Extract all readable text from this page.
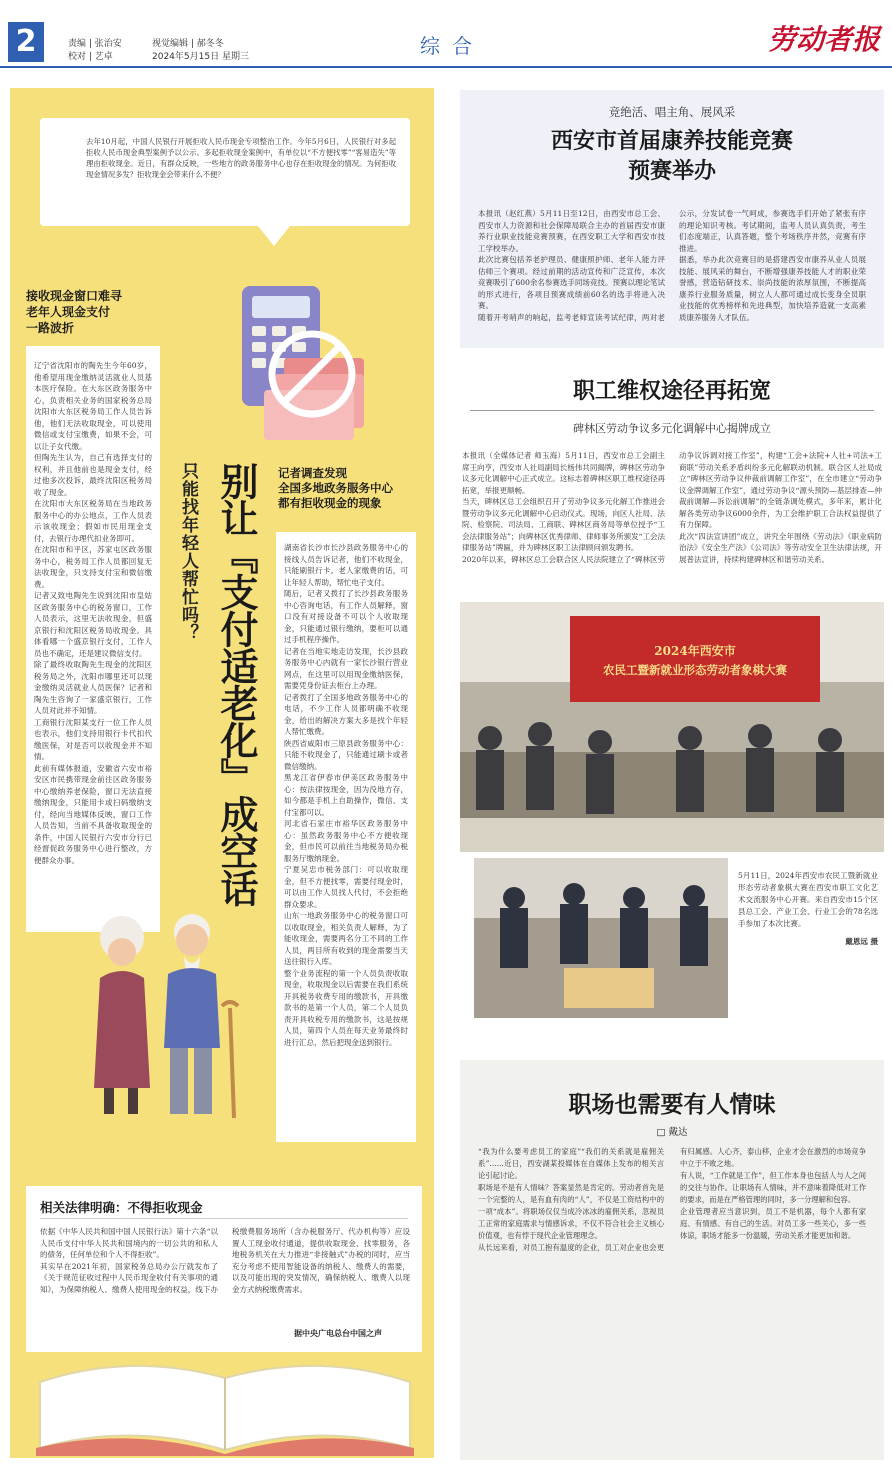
2	责编 | 张治安
校对 | 艺卓
视觉编辑 | 郝冬冬
2024年5月15日 星期三	综合	劳动者报
去年10月起，中国人民银行开展拒收人民币现金专项整治工作。今年5月6日，人民银行对多起拒收人民币现金典型案例予以公示。多起拒收现金案例中，有单位以“不方便找零”“客易造失”等理由拒收现金。近日，有群众反映，一些地方的政务服务中心也存在拒收现金的情况。为何拒收现金情况多发？拒收现金会带来什么不便？
接收现金窗口难寻
老年人现金支付
一路波折
辽宁省沈阳市的陶先生今年60岁，他希望用现金缴纳灵活就业人员基本医疗保险。在大东区政务服务中心，负责相关业务的国家税务总局沈阳市大东区税务局工作人员告诉他，他们无法收取现金，可以使用微信或支付宝缴费，如果不会，可以让子女代缴。
但陶先生认为，自己有选择支付的权利，并且他前也是现金支付，经过他多次投诉，最终沈阳区税务局收了现金。
在沈阳市大东区税务局在当地政务服务中心的办公地点，工作人员表示该收现金；假如市民用现金支付，去银行办理代扣业务即可。
在沈阳市和平区，苏家屯区政务服务中心，税务局工作人员都回复无法收现金，只支持支付宝和微信缴费。
记者又致电陶先生说到沈阳市皇姑区政务服务中心的税务窗口，工作人员表示，这里无法收现金，但盛京银行和沈阳区税务局收现金。具体看哪一个盛京银行支付，工作人员也不确定，还是建议微信支付。
除了最终收取陶先生现金的沈阳区税务局之外，沈阳市哪里还可以现金缴纳灵活就业人员医保？记者和陶先生咨询了一家盛京银行，工作人员对此并不知情。
工商银行沈阳某支行一位工作人员也表示，他们支持用银行卡代扣代缴医保，对是否可以收现金并不知情。
此前有媒体报道，安徽省六安市裕安区市民携带现金前往区政务服务中心缴纳养老保险，窗口无法直接缴纳现金，只能用卡或扫码缴纳支付，经向当地媒体反映，窗口工作人员告知，当前不具备收取现金的条件，中国人民银行六安市分行已经督促政务服务中心进行整改，方便群众办事。
只能找年轻人帮忙吗？ 别让『支付适老化』成空话 记者调查发现
全国多地政务服务中心
都有拒收现金的现象
湖南省长沙市长沙县政务服务中心的接线人员告诉记者，他们不收现金，只能刷银行卡。老人家缴费的话，可让年轻人帮助，帮忙电子支付。
随后，记者又拨打了长沙县政务服务中心咨询电话，有工作人员解释，窗口没有对接设备不可以个人收取现金，只能通过银行缴纳，要柜可以通过手机程序操作。
记者在当地实地走访发现，长沙县政务服务中心内就有一家长沙银行营业网点，在这里可以用现金缴纳医保，需要凭身份证去柜台上办理。
记者拨打了全国多地政务服务中心的电话，不少工作人员都明确不收现金，给出的解决方案大多是找个年轻人帮忙缴费。
陕西省咸阳市三原县政务服务中心：只能不收现金了，只能通过刷卡或者微信缴纳。
黑龙江省伊春市伊美区政务服务中心：按法律按现金，因为没地方存，如今都是手机上自助操作，微信、支付宝都可以。
河北省石家庄市裕华区政务服务中心：虽然政务服务中心不方便收现金，但市民可以前往当地税务局办税服务厅缴纳现金。
宁夏吴忠市税务部门：可以收取现金，但不方便找零，需要付现金时，可以由工作人员找人代付，不会拒绝群众要求。
山东一地政务服务中心的税务窗口可以收取现金，相关负责人解释，为了能收现金，需要两名分工不同的工作人员，两目所有收到的现金需要当天送往银行入库。
整个业务流程的第一个人员负责收取现金，收取现金以后需要在我们系统开具税务收费专用的缴款书，开具缴款书的是第一个人员，第二个人员负责开具收税专用的缴款书，这是按规人员，第四个人员在每天业务最终时进行汇总，然后把现金送到银行。
相关法律明确：不得拒收现金
依据《中华人民共和国中国人民银行法》第十六条“以人民币支付中华人民共和国境内的一切公共的和私人的债务，任何单位和个人不得拒收”。
其实早在2021年初，国家税务总局办公厅就发布了《关于规范征收过程中人民币现金收付有关事项的通知》，为保障纳税人、缴费人使用现金的权益，线下办税缴费服务场所（含办税服务厅、代办机构等）应设置人工现金收付通道，提供收取现金、找零服务，各地税务机关在大力推进“非接触式”办税的同时，应当充分考虑不使用智能设备的纳税人、缴费人的需要，以及可能出现的突发情况，确保纳税人、缴费人以现金方式纳税缴费需求。
据中央广电总台中国之声
竞绝活、唱主角、展风采
西安市首届康养技能竞赛
预赛举办
本报讯（赵红燕）5月11日至12日，由西安市总工会、西安市人力资源和社会保障局联合主办的首届西安市康养行业职业技能竞赛预赛，在西安职工大学和西安市技工学校举办。
此次比赛包括养老护理员、健康照护师、老年人能力评估师三个赛项。经过前期的活动宣传和广泛宣传，本次竞赛吸引了600余名参赛选手同场竞技。预赛以理论笔试的形式进行，各项目预赛成绩前60名的选手将进入决赛。
随着开考哨声的响起，监考老师宣读考试纪律，两对老公示，分发试卷一气呵成，参赛选手们开始了紧张有序的理论知识考核。考试期间，监考人员认真负责，考生们态度端正，认真答题，整个考场秩序井然，竞赛有序推进。
据悉，举办此次竞赛目的是搭建西安市康养从业人员展技能、展风采的舞台，不断增强康养技能人才的职业荣誉感，营造钻研技术、崇尚技能的浓厚氛围，不断提高康养行业服务质量，树立人人都可通过成长变身全员职业技能的优秀榜样和先进典型，加快培养造就一支高素质康养服务人才队伍。
职工维权途径再拓宽
碑林区劳动争议多元化调解中心揭牌成立
本报讯（全媒体记者 师玉海）5月11日，西安市总工会副主席王向亨，西安市人社局副局长杨伟共同揭牌，碑林区劳动争议多元化调解中心正式成立。这标志着碑林区职工维权途径再拓宽，举报更顺畅。
当天，碑林区总工会组织召开了劳动争议多元化解工作推进会暨劳动争议多元化调解中心启动仪式。现场，向区人社局、法院、检察院、司法局、工商联、碑林区商务局等单位授予“工会法律服务站”；向碑林区优秀律师、律师事务所颁发“工会法律服务站”牌匾，并为碑林区职工法律顾问颁发聘书。
2020年以来，碑林区总工会联合区人民法院建立了“碑林区劳动争议诉调对接工作室”，构建“工会+法院+人社+司法+工商联”劳动关系矛盾纠纷多元化解联动机制。联合区人社局成立“碑林区劳动争议仲裁前调解工作室”，在全市建立“劳动争议金牌调解工作室”，通过劳动争议“源头预防—基层排查—仲裁前调解—诉讼前调解”的全链条调处模式，多年来，累计化解各类劳动争议6000余件，为工会维护职工合法权益提供了有力保障。
此次“四法宣讲团”成立，讲究全年围绕《劳动法》《职业病防治法》《安全生产法》《公司法》等劳动安全卫生法律法规，开展普法宣讲，持续构建碑林区和谐劳动关系。
2024年西安市
农民工暨新就业形态劳动者象棋大赛
5月11日，2024年西安市农民工暨新就业形态劳动者象棋大赛在西安市职工文化艺术交流服务中心开赛。来自西安市15个区县总工会、产业工会、行业工会的78名选手参加了本次比赛。
戴恩远 摄
职场也需要有人情味
□ 戴达
“我为什么要考虑员工的家庭”“我们的关系就是雇佣关系”……近日，西安湖某投媒体在自媒体上发布的相关言论引起讨论。
职场是不是有人情味？答案显然是肯定的。劳动者首先是一个完整的人，是有血有肉的“人”，不仅是工资结构中的一项“成本”。将职场仅仅当成冷冰冰的雇佣关系，忽视员工正常的家庭需求与情感诉求，不仅不符合社会主义核心价值观，也有悖于现代企业管理理念。
从长远来看，对员工抱有温度的企业，员工对企业也会更有归属感。人心齐，泰山移，企业才会在激烈的市场竞争中立于不败之地。
有人说，“工作就是工作”，但工作本身也包括人与人之间的交往与协作。让职场有人情味，并不意味着降低对工作的要求，而是在严格管理的同时，多一分理解和包容。
企业管理者应当意识到，员工不是机器，每个人都有家庭、有情感、有自己的生活。对员工多一些关心，多一些体谅，职场才能多一份温暖，劳动关系才能更加和谐。
